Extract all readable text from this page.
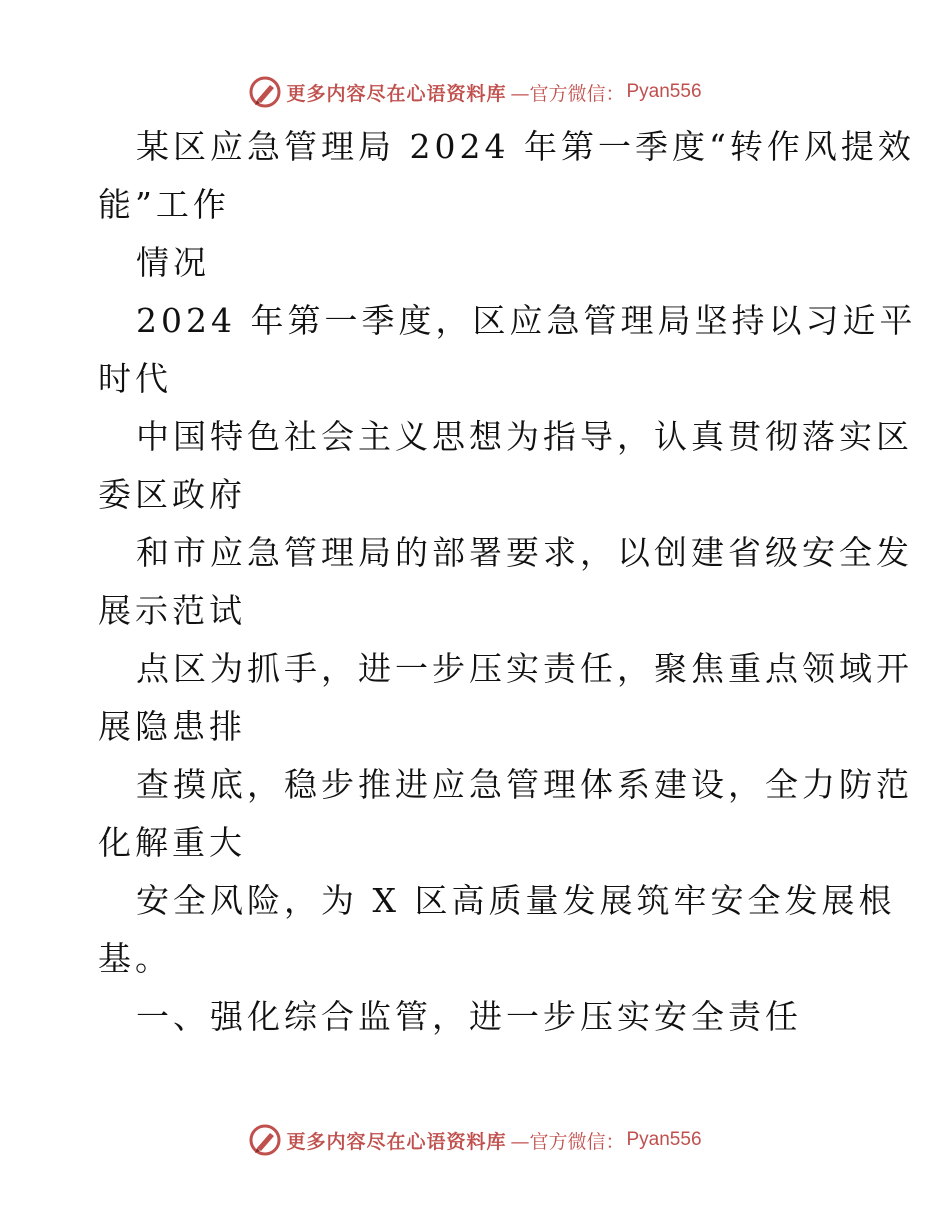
更多内容尽在心语资料库 —官方微信： Pyan556

某区应急管理局 2024 年第一季度“转作风提效

能”工作

情况

2024 年第一季度，区应急管理局坚持以习近平

时代

中国特色社会主义思想为指导，认真贯彻落实区

委区政府

和市应急管理局的部署要求，以创建省级安全发

展示范试

点区为抓手，进一步压实责任，聚焦重点领域开

展隐患排

查摸底，稳步推进应急管理体系建设，全力防范

化解重大

安全风险，为 X 区高质量发展筑牢安全发展根

基。

一、强化综合监管，进一步压实安全责任

更多内容尽在心语资料库 —官方微信： Pyan556
